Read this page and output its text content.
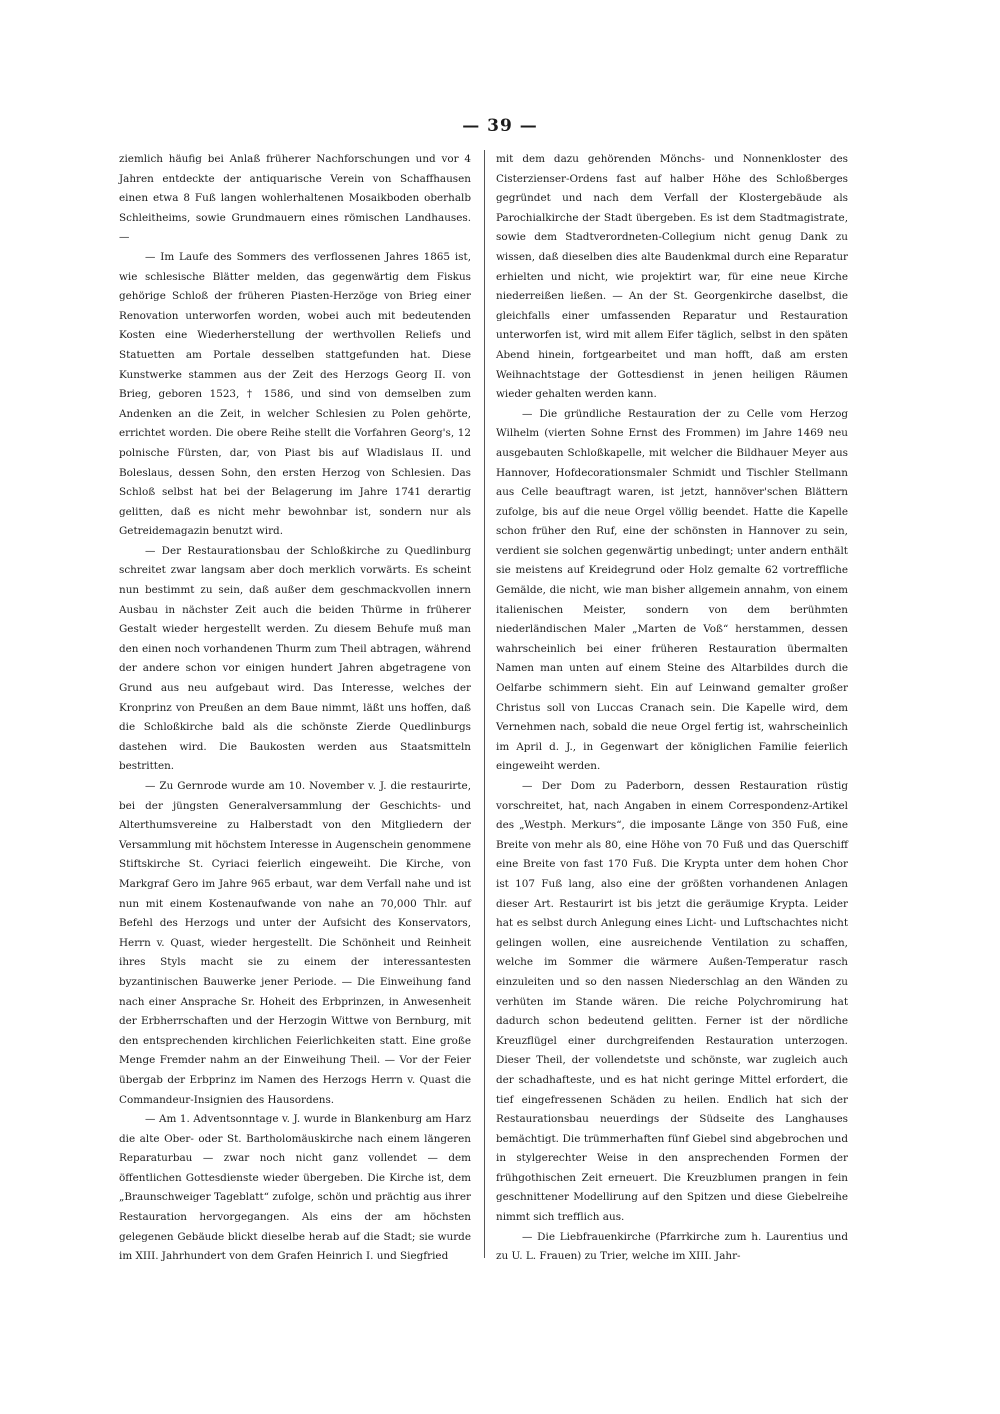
— 39 —

ziemlich häufig bei Anlaß früherer Nachforschungen und vor 4 Jahren entdeckte der antiquarische Verein von Schaffhausen einen etwa 8 Fuß langen wohlerhaltenen Mosaikboden oberhalb Schleitheims, sowie Grundmauern eines römischen Landhauses. —

— Im Laufe des Sommers des verflossenen Jahres 1865 ist, wie schlesische Blätter melden, das gegenwärtig dem Fiskus gehörige Schloß der früheren Piasten-Herzöge von Brieg einer Renovation unterworfen worden, wobei auch mit bedeutenden Kosten eine Wiederherstellung der werthvollen Reliefs und Statuetten am Portale desselben stattgefunden hat. Diese Kunstwerke stammen aus der Zeit des Herzogs Georg II. von Brieg, geboren 1523, † 1586, und sind von demselben zum Andenken an die Zeit, in welcher Schlesien zu Polen gehörte, errichtet worden. Die obere Reihe stellt die Vorfahren Georg's, 12 polnische Fürsten, dar, von Piast bis auf Wladislaus II. und Boleslaus, dessen Sohn, den ersten Herzog von Schlesien. Das Schloß selbst hat bei der Belagerung im Jahre 1741 derartig gelitten, daß es nicht mehr bewohnbar ist, sondern nur als Getreidemagazin benutzt wird.

— Der Restaurationsbau der Schloßkirche zu Quedlinburg schreitet zwar langsam aber doch merklich vorwärts. Es scheint nun bestimmt zu sein, daß außer dem geschmackvollen innern Ausbau in nächster Zeit auch die beiden Thürme in früherer Gestalt wieder hergestellt werden. Zu diesem Behufe muß man den einen noch vorhandenen Thurm zum Theil abtragen, während der andere schon vor einigen hundert Jahren abgetragene von Grund aus neu aufgebaut wird. Das Interesse, welches der Kronprinz von Preußen an dem Baue nimmt, läßt uns hoffen, daß die Schloßkirche bald als die schönste Zierde Quedlinburgs dastehen wird. Die Baukosten werden aus Staatsmitteln bestritten.

— Zu Gernrode wurde am 10. November v. J. die restaurirte, bei der jüngsten Generalversammlung der Geschichts- und Alterthumsvereine zu Halberstadt von den Mitgliedern der Versammlung mit höchstem Interesse in Augenschein genommene Stiftskirche St. Cyriaci feierlich eingeweiht. Die Kirche, von Markgraf Gero im Jahre 965 erbaut, war dem Verfall nahe und ist nun mit einem Kostenaufwande von nahe an 70,000 Thlr. auf Befehl des Herzogs und unter der Aufsicht des Konservators, Herrn v. Quast, wieder hergestellt. Die Schönheit und Reinheit ihres Styls macht sie zu einem der interessantesten byzantinischen Bauwerke jener Periode. — Die Einweihung fand nach einer Ansprache Sr. Hoheit des Erbprinzen, in Anwesenheit der Erbherrschaften und der Herzogin Wittwe von Bernburg, mit den entsprechenden kirchlichen Feierlichkeiten statt. Eine große Menge Fremder nahm an der Einweihung Theil. — Vor der Feier übergab der Erbprinz im Namen des Herzogs Herrn v. Quast die Commandeur-Insignien des Hausordens.

— Am 1. Adventsonntage v. J. wurde in Blankenburg am Harz die alte Ober- oder St. Bartholomäuskirche nach einem längeren Reparaturbau — zwar noch nicht ganz vollendet — dem öffentlichen Gottesdienste wieder übergeben. Die Kirche ist, dem „Braunschweiger Tageblatt“ zufolge, schön und prächtig aus ihrer Restauration hervorgegangen. Als eins der am höchsten gelegenen Gebäude blickt dieselbe herab auf die Stadt; sie wurde im XIII. Jahrhundert von dem Grafen Heinrich I. und Siegfried

mit dem dazu gehörenden Mönchs- und Nonnenkloster des Cisterzienser-Ordens fast auf halber Höhe des Schloßberges gegründet und nach dem Verfall der Klostergebäude als Parochialkirche der Stadt übergeben. Es ist dem Stadtmagistrate, sowie dem Stadtverordneten-Collegium nicht genug Dank zu wissen, daß dieselben dies alte Baudenkmal durch eine Reparatur erhielten und nicht, wie projektirt war, für eine neue Kirche niederreißen ließen. — An der St. Georgenkirche daselbst, die gleichfalls einer umfassenden Reparatur und Restauration unterworfen ist, wird mit allem Eifer täglich, selbst in den späten Abend hinein, fortgearbeitet und man hofft, daß am ersten Weihnachtstage der Gottesdienst in jenen heiligen Räumen wieder gehalten werden kann.

— Die gründliche Restauration der zu Celle vom Herzog Wilhelm (vierten Sohne Ernst des Frommen) im Jahre 1469 neu ausgebauten Schloßkapelle, mit welcher die Bildhauer Meyer aus Hannover, Hofdecorationsmaler Schmidt und Tischler Stellmann aus Celle beauftragt waren, ist jetzt, hannöver'schen Blättern zufolge, bis auf die neue Orgel völlig beendet. Hatte die Kapelle schon früher den Ruf, eine der schönsten in Hannover zu sein, verdient sie solchen gegenwärtig unbedingt; unter andern enthält sie meistens auf Kreidegrund oder Holz gemalte 62 vortreffliche Gemälde, die nicht, wie man bisher allgemein annahm, von einem italienischen Meister, sondern von dem berühmten niederländischen Maler „Marten de Voß“ herstammen, dessen wahrscheinlich bei einer früheren Restauration übermalten Namen man unten auf einem Steine des Altarbildes durch die Oelfarbe schimmern sieht. Ein auf Leinwand gemalter großer Christus soll von Luccas Cranach sein. Die Kapelle wird, dem Vernehmen nach, sobald die neue Orgel fertig ist, wahrscheinlich im April d. J., in Gegenwart der königlichen Familie feierlich eingeweiht werden.

— Der Dom zu Paderborn, dessen Restauration rüstig vorschreitet, hat, nach Angaben in einem Correspondenz-Artikel des „Westph. Merkurs“, die imposante Länge von 350 Fuß, eine Breite von mehr als 80, eine Höhe von 70 Fuß und das Querschiff eine Breite von fast 170 Fuß. Die Krypta unter dem hohen Chor ist 107 Fuß lang, also eine der größten vorhandenen Anlagen dieser Art. Restaurirt ist bis jetzt die geräumige Krypta. Leider hat es selbst durch Anlegung eines Licht- und Luftschachtes nicht gelingen wollen, eine ausreichende Ventilation zu schaffen, welche im Sommer die wärmere Außen-Temperatur rasch einzuleiten und so den nassen Niederschlag an den Wänden zu verhüten im Stande wären. Die reiche Polychromirung hat dadurch schon bedeutend gelitten. Ferner ist der nördliche Kreuzflügel einer durchgreifenden Restauration unterzogen. Dieser Theil, der vollendetste und schönste, war zugleich auch der schadhafteste, und es hat nicht geringe Mittel erfordert, die tief eingefressenen Schäden zu heilen. Endlich hat sich der Restaurationsbau neuerdings der Südseite des Langhauses bemächtigt. Die trümmerhaften fünf Giebel sind abgebrochen und in stylgerechter Weise in den ansprechenden Formen der frühgothischen Zeit erneuert. Die Kreuzblumen prangen in fein geschnittener Modellirung auf den Spitzen und diese Giebelreihe nimmt sich trefflich aus.

— Die Liebfrauenkirche (Pfarrkirche zum h. Laurentius und zu U. L. Frauen) zu Trier, welche im XIII. Jahr-
